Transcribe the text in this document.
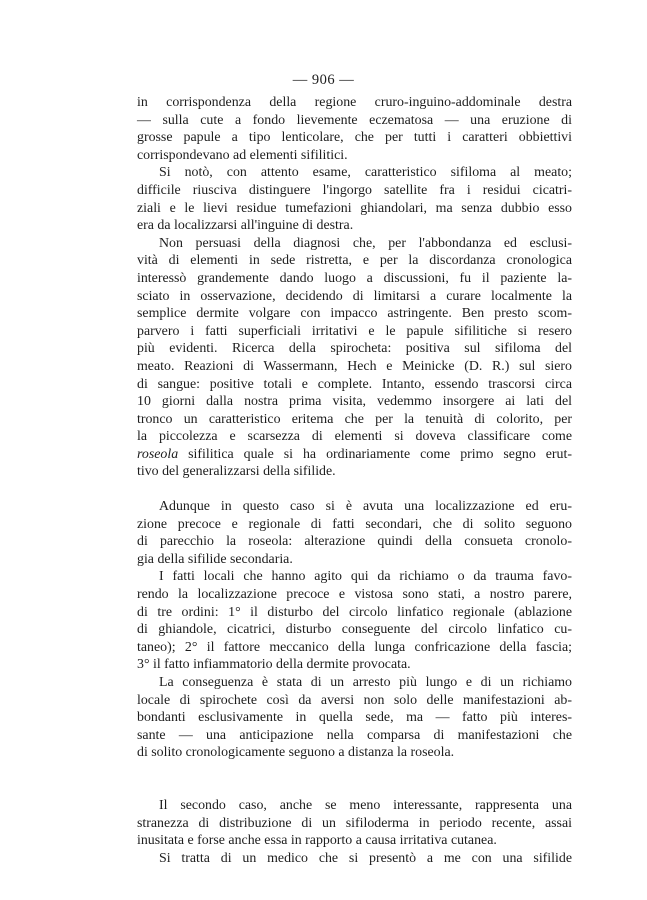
— 906 —
in corrispondenza della regione cruro-inguino-addominale destra
— sulla cute a fondo lievemente eczematosa — una eruzione di
grosse papule a tipo lenticolare, che per tutti i caratteri obbiettivi
corrispondevano ad elementi sifilitici.
Si notò, con attento esame, caratteristico sifiloma al meato;
difficile riusciva distinguere l'ingorgo satellite fra i residui cicatri-
ziali e le lievi residue tumefazioni ghiandolari, ma senza dubbio esso
era da localizzarsi all'inguine di destra.
Non persuasi della diagnosi che, per l'abbondanza ed esclusi-
vità di elementi in sede ristretta, e per la discordanza cronologica
interessò grandemente dando luogo a discussioni, fu il paziente la-
sciato in osservazione, decidendo di limitarsi a curare localmente la
semplice dermite volgare con impacco astringente. Ben presto scom-
parvero i fatti superficiali irritativi e le papule sifilitiche si resero
più evidenti. Ricerca della spirocheta: positiva sul sifiloma del
meato. Reazioni di Wassermann, Hech e Meinicke (D. R.) sul siero
di sangue: positive totali e complete. Intanto, essendo trascorsi circa
10 giorni dalla nostra prima visita, vedemmo insorgere ai lati del
tronco un caratteristico eritema che per la tenuità di colorito, per
la piccolezza e scarsezza di elementi si doveva classificare come
roseola sifilitica quale si ha ordinariamente come primo segno erut-
tivo del generalizzarsi della sifilide.
Adunque in questo caso si è avuta una localizzazione ed eru-
zione precoce e regionale di fatti secondari, che di solito seguono
di parecchio la roseola: alterazione quindi della consueta cronolo-
gia della sifilide secondaria.
I fatti locali che hanno agito qui da richiamo o da trauma favo-
rendo la localizzazione precoce e vistosa sono stati, a nostro parere,
di tre ordini: 1° il disturbo del circolo linfatico regionale (ablazione
di ghiandole, cicatrici, disturbo conseguente del circolo linfatico cu-
taneo); 2° il fattore meccanico della lunga confricazione della fascia;
3° il fatto infiammatorio della dermite provocata.
La conseguenza è stata di un arresto più lungo e di un richiamo
locale di spirochete così da aversi non solo delle manifestazioni ab-
bondanti esclusivamente in quella sede, ma — fatto più interes-
sante — una anticipazione nella comparsa di manifestazioni che
di solito cronologicamente seguono a distanza la roseola.
Il secondo caso, anche se meno interessante, rappresenta una
stranezza di distribuzione di un sifiloderma in periodo recente, assai
inusitata e forse anche essa in rapporto a causa irritativa cutanea.
Si tratta di un medico che si presentò a me con una sifilide
